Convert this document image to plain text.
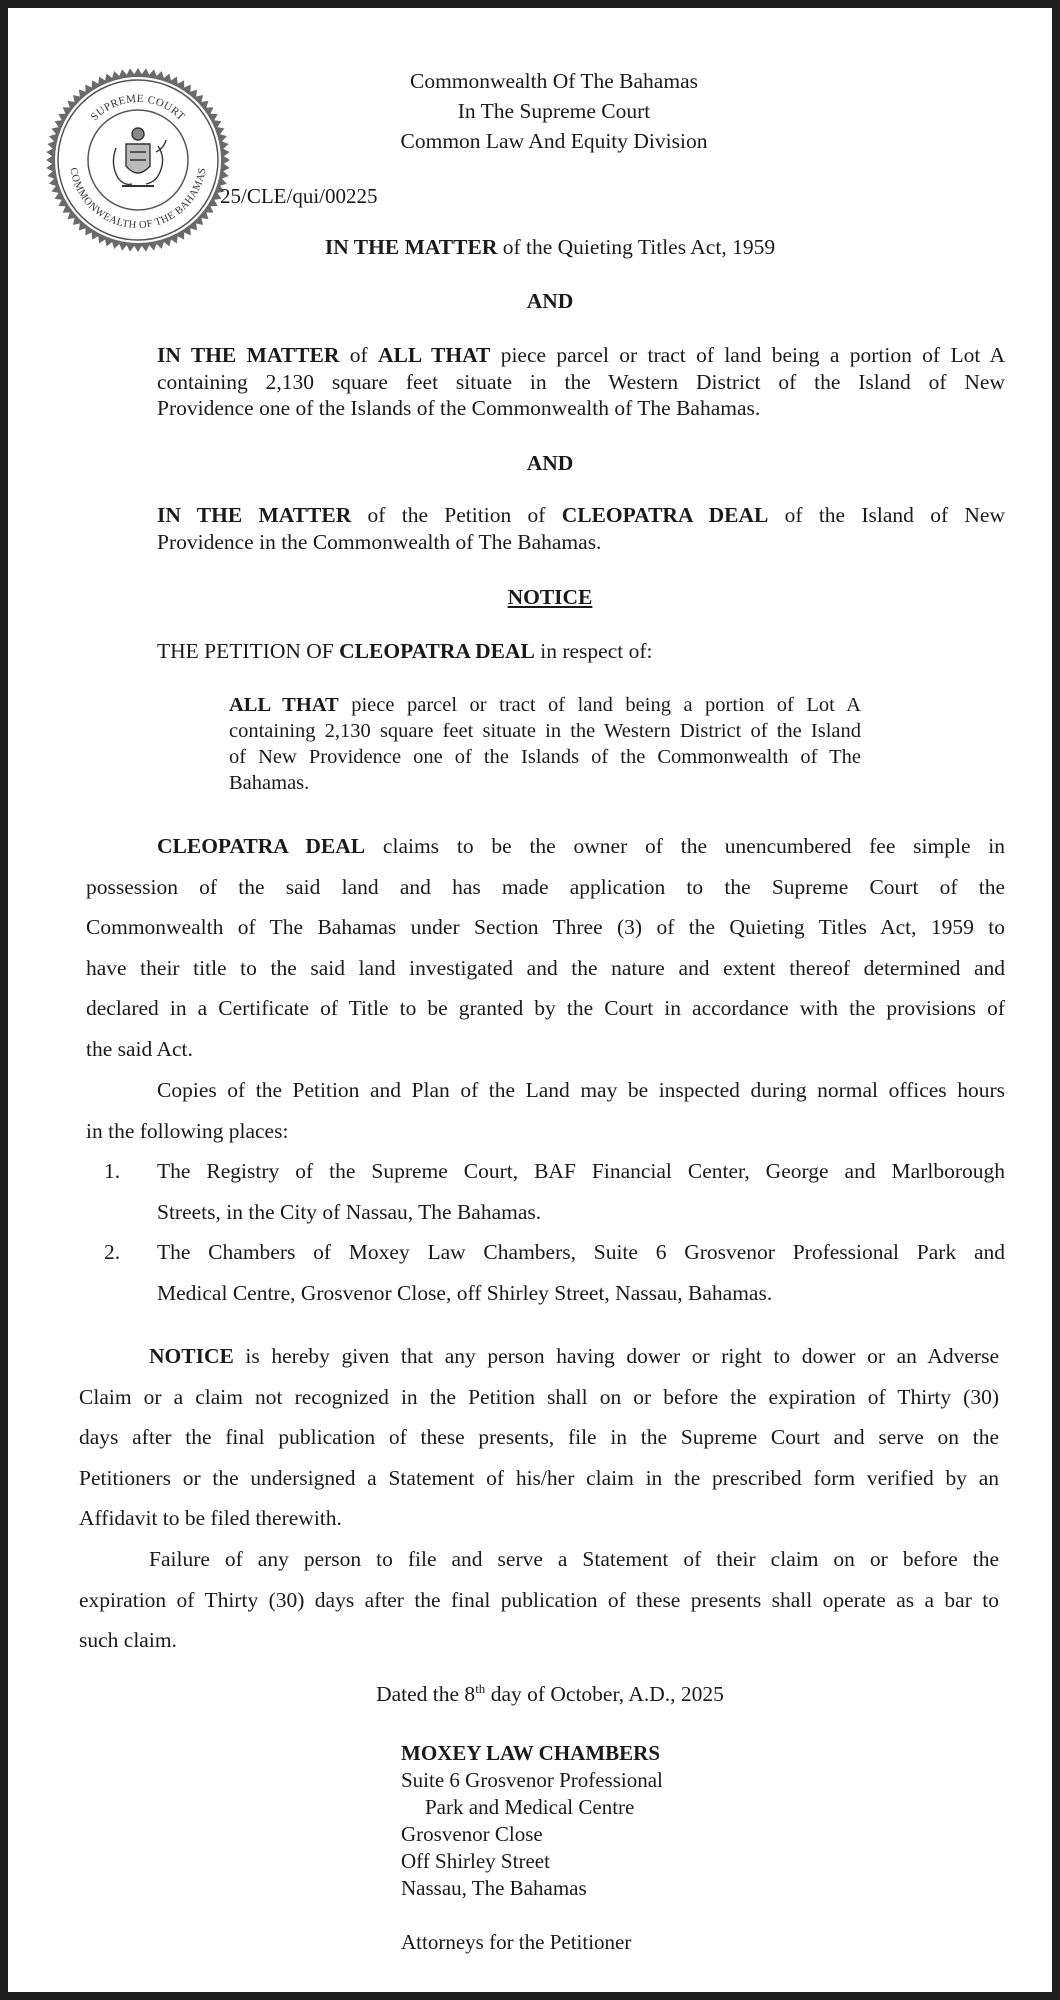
SUPREME COURT
COMMONWEALTH OF THE BAHAMAS
Commonwealth Of The Bahamas
In The Supreme Court
Common Law And Equity Division
25/CLE/qui/00225
IN THE MATTER of the Quieting Titles Act, 1959
AND
IN THE MATTER of ALL THAT piece parcel or tract of land being a portion of Lot A
containing 2,130 square feet situate in the Western District of the Island of New
Providence one of the Islands of the Commonwealth of The Bahamas.
AND
IN THE MATTER of the Petition of CLEOPATRA DEAL of the Island of New
Providence in the Commonwealth of The Bahamas.
NOTICE
THE PETITION OF CLEOPATRA DEAL in respect of:
ALL THAT piece parcel or tract of land being a portion of Lot A
containing 2,130 square feet situate in the Western District of the Island
of New Providence one of the Islands of the Commonwealth of The
Bahamas.
CLEOPATRA DEAL claims to be the owner of the unencumbered fee simple in
possession of the said land and has made application to the Supreme Court of the
Commonwealth of The Bahamas under Section Three (3) of the Quieting Titles Act, 1959 to
have their title to the said land investigated and the nature and extent thereof determined and
declared in a Certificate of Title to be granted by the Court in accordance with the provisions of
the said Act.
Copies of the Petition and Plan of the Land may be inspected during normal offices hours
in the following places:
1.	The Registry of the Supreme Court, BAF Financial Center, George and Marlborough
Streets, in the City of Nassau, The Bahamas.
2.	The Chambers of Moxey Law Chambers, Suite 6 Grosvenor Professional Park and
Medical Centre, Grosvenor Close, off Shirley Street, Nassau, Bahamas.
NOTICE is hereby given that any person having dower or right to dower or an Adverse
Claim or a claim not recognized in the Petition shall on or before the expiration of Thirty (30)
days after the final publication of these presents, file in the Supreme Court and serve on the
Petitioners or the undersigned a Statement of his/her claim in the prescribed form verified by an
Affidavit to be filed therewith.
Failure of any person to file and serve a Statement of their claim on or before the
expiration of Thirty (30) days after the final publication of these presents shall operate as a bar to
such claim.
Dated the 8th day of October, A.D., 2025
MOXEY LAW CHAMBERS
Suite 6 Grosvenor Professional
Park and Medical Centre
Grosvenor Close
Off Shirley Street
Nassau, The Bahamas
Attorneys for the Petitioner
